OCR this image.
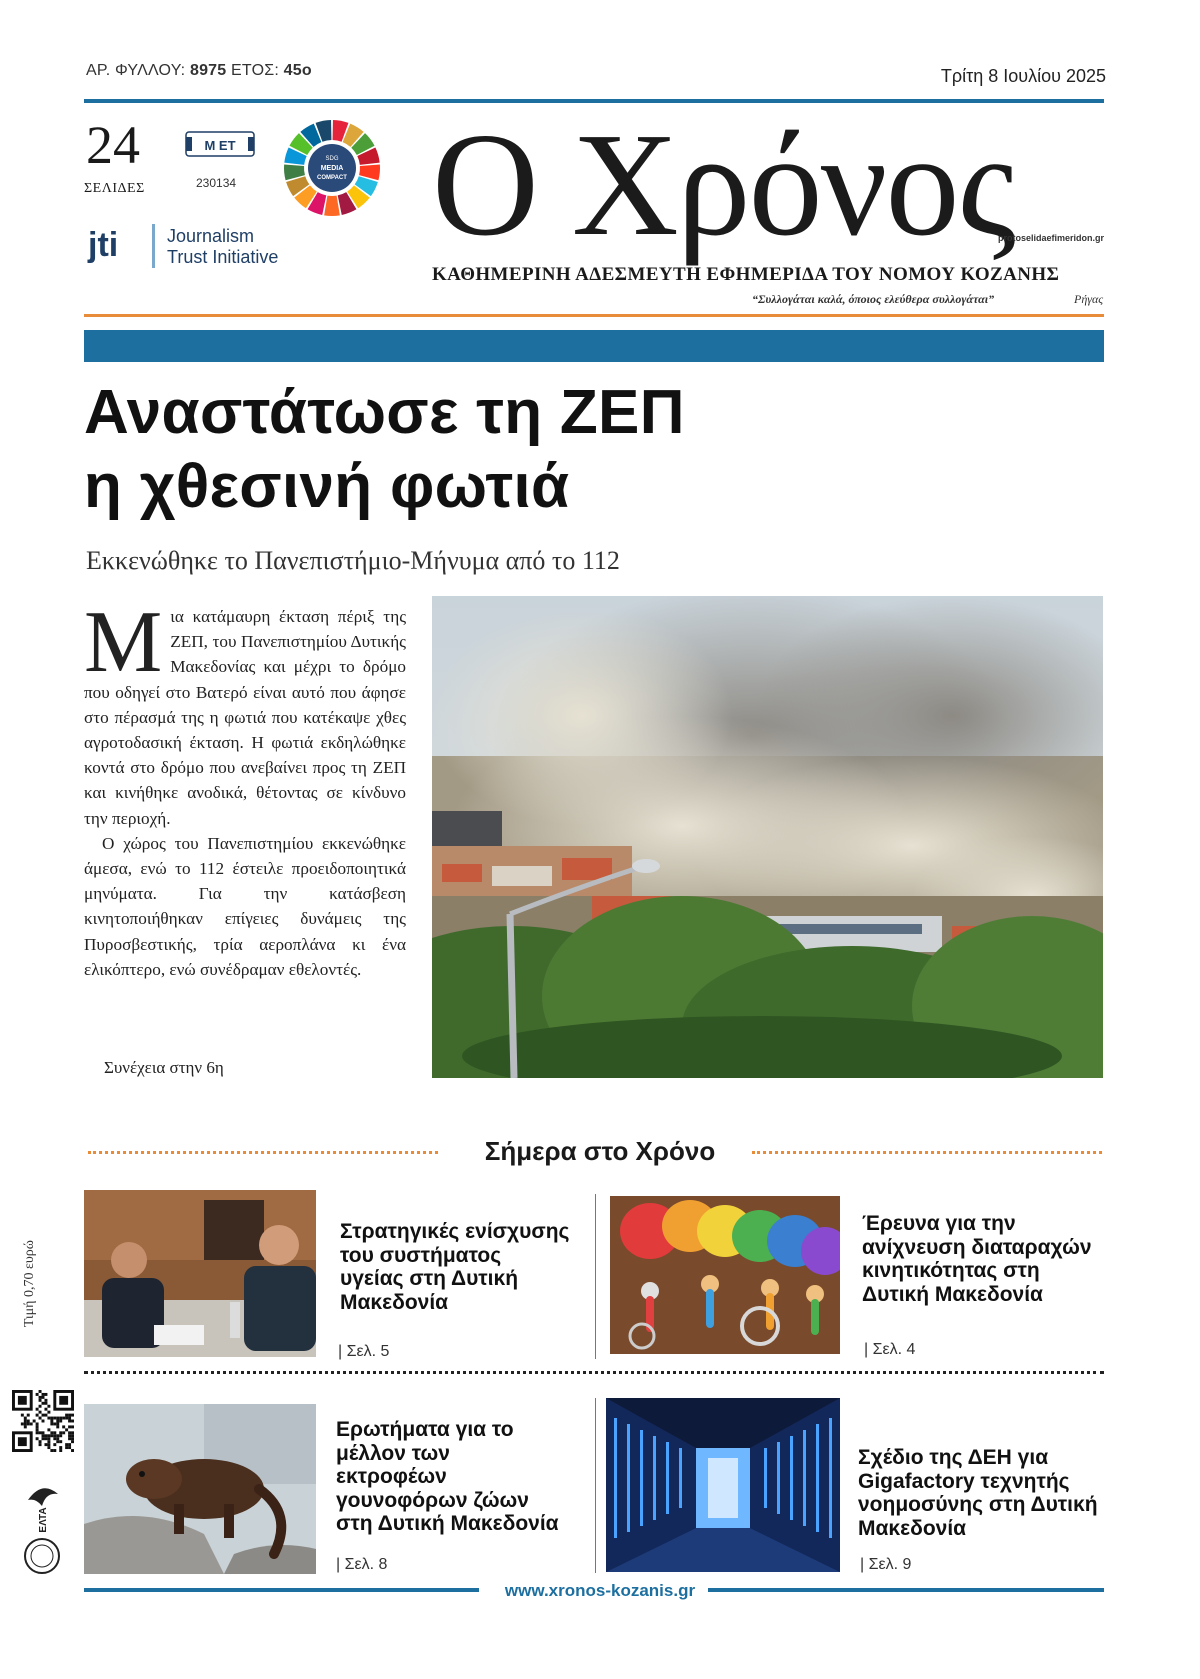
ΑΡ. ΦΥΛΛΟΥ: 8975 ΕΤΟΣ: 45ο	Τρίτη 8 Ιουλίου 2025
24
ΣΕΛΙΔΕΣ
Μ ΕΤ
230134
SDG
MEDIA
COMPACT
jti	Journalism
Trust Initiative Ο Χρόνος
protoselidaefimeridon.gr
ΚΑΘΗΜΕΡΙΝΗ ΑΔΕΣΜΕΥΤΗ ΕΦΗΜΕΡΙΔΑ ΤΟΥ ΝΟΜΟΥ ΚΟΖΑΝΗΣ
“Συλλογάται καλά, όποιος ελεύθερα συλλογάται”	Ρήγας
Αναστάτωσε τη ΖΕΠ
η χθεσινή φωτιά
Εκκενώθηκε το Πανεπιστήμιο-Μήνυμα από το 112

Μια κατάμαυρη έκταση πέριξ της ΖΕΠ, του Πανεπιστημίου Δυτικής Μακεδονίας και μέχρι το δρόμο που οδηγεί στο Βατερό είναι αυτό που άφησε στο πέρασμά της η φωτιά που κατέκαψε χθες αγροτοδασική έκταση. Η φωτιά εκδηλώθηκε κοντά στο δρόμο που ανεβαίνει προς τη ΖΕΠ και κινήθηκε ανοδικά, θέτοντας σε κίνδυνο την περιοχή.

Ο χώρος του Πανεπιστημίου εκκενώθηκε άμεσα, ενώ το 112 έστειλε προειδοποιητικά μηνύματα. Για την κατάσβεση κινητοποιήθηκαν επίγειες δυνάμεις της Πυροσβεστικής, τρία αεροπλάνα κι ένα ελικόπτερο, ενώ συνέδραμαν εθελοντές.

Συνέχεια στην 6η
Σήμερα στο Χρόνο
Στρατηγικές ενίσχυσης του συστήματος υγείας στη Δυτική Μακεδονία
| Σελ. 5
Έρευνα για την ανίχνευση διαταραχών κινητικότητας στη Δυτική Μακεδονία
| Σελ. 4
Ερωτήματα για το μέλλον των εκτροφέων γουνοφόρων ζώων στη Δυτική Μακεδονία
| Σελ. 8
Σχέδιο της ΔΕΗ για Gigafactory τεχνητής νοημοσύνης στη Δυτική Μακεδονία
| Σελ. 9
Τιμή 0,70 ευρώ
ΕΛΤΑ
www.xronos-kozanis.gr
